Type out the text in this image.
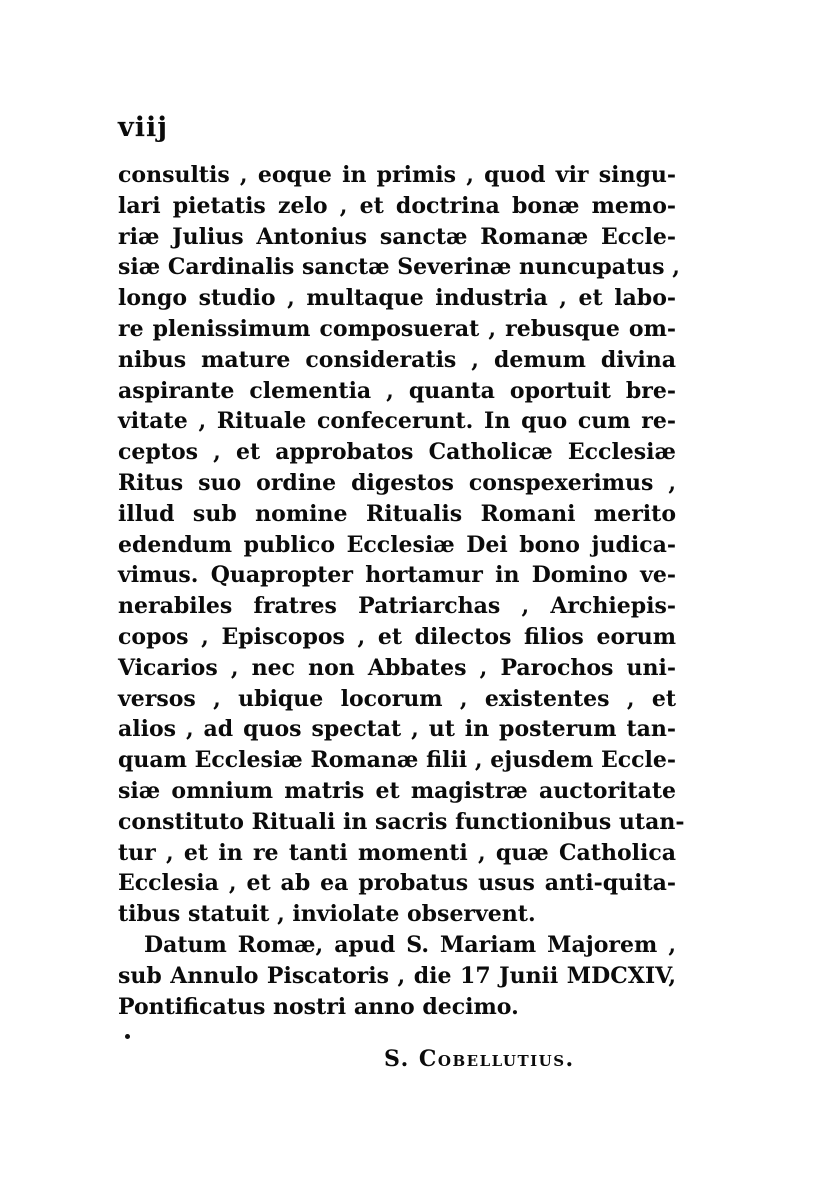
viij
consultis , eoque in primis , quod vir singu-
lari pietatis zelo , et doctrina bonæ memo-
riæ Julius Antonius sanctæ Romanæ Eccle-
siæ Cardinalis sanctæ Severinæ nuncupatus ,
longo studio , multaque industria , et labo-
re plenissimum composuerat , rebusque om-
nibus mature consideratis , demum divina
aspirante clementia , quanta oportuit bre-
vitate , Rituale confecerunt. In quo cum re-
ceptos , et approbatos Catholicæ Ecclesiæ
Ritus suo ordine digestos conspexerimus ,
illud sub nomine Ritualis Romani merito
edendum publico Ecclesiæ Dei bono judica-
vimus. Quapropter hortamur in Domino ve-
nerabiles fratres Patriarchas , Archiepis-
copos , Episcopos , et dilectos filios eorum
Vicarios , nec non Abbates , Parochos uni-
versos , ubique locorum , existentes , et
alios , ad quos spectat , ut in posterum tan-
quam Ecclesiæ Romanæ filii , ejusdem Eccle-
siæ omnium matris et magistræ auctoritate
constituto Rituali in sacris functionibus utan-
tur , et in re tanti momenti , quæ Catholica
Ecclesia , et ab ea probatus usus anti-quita-
tibus statuit , inviolate observent.
Datum Romæ, apud S. Mariam Majorem ,
sub Annulo Piscatoris , die 17 Junii MDCXIV,
Pontificatus nostri anno decimo.
S. Cobellutius.
